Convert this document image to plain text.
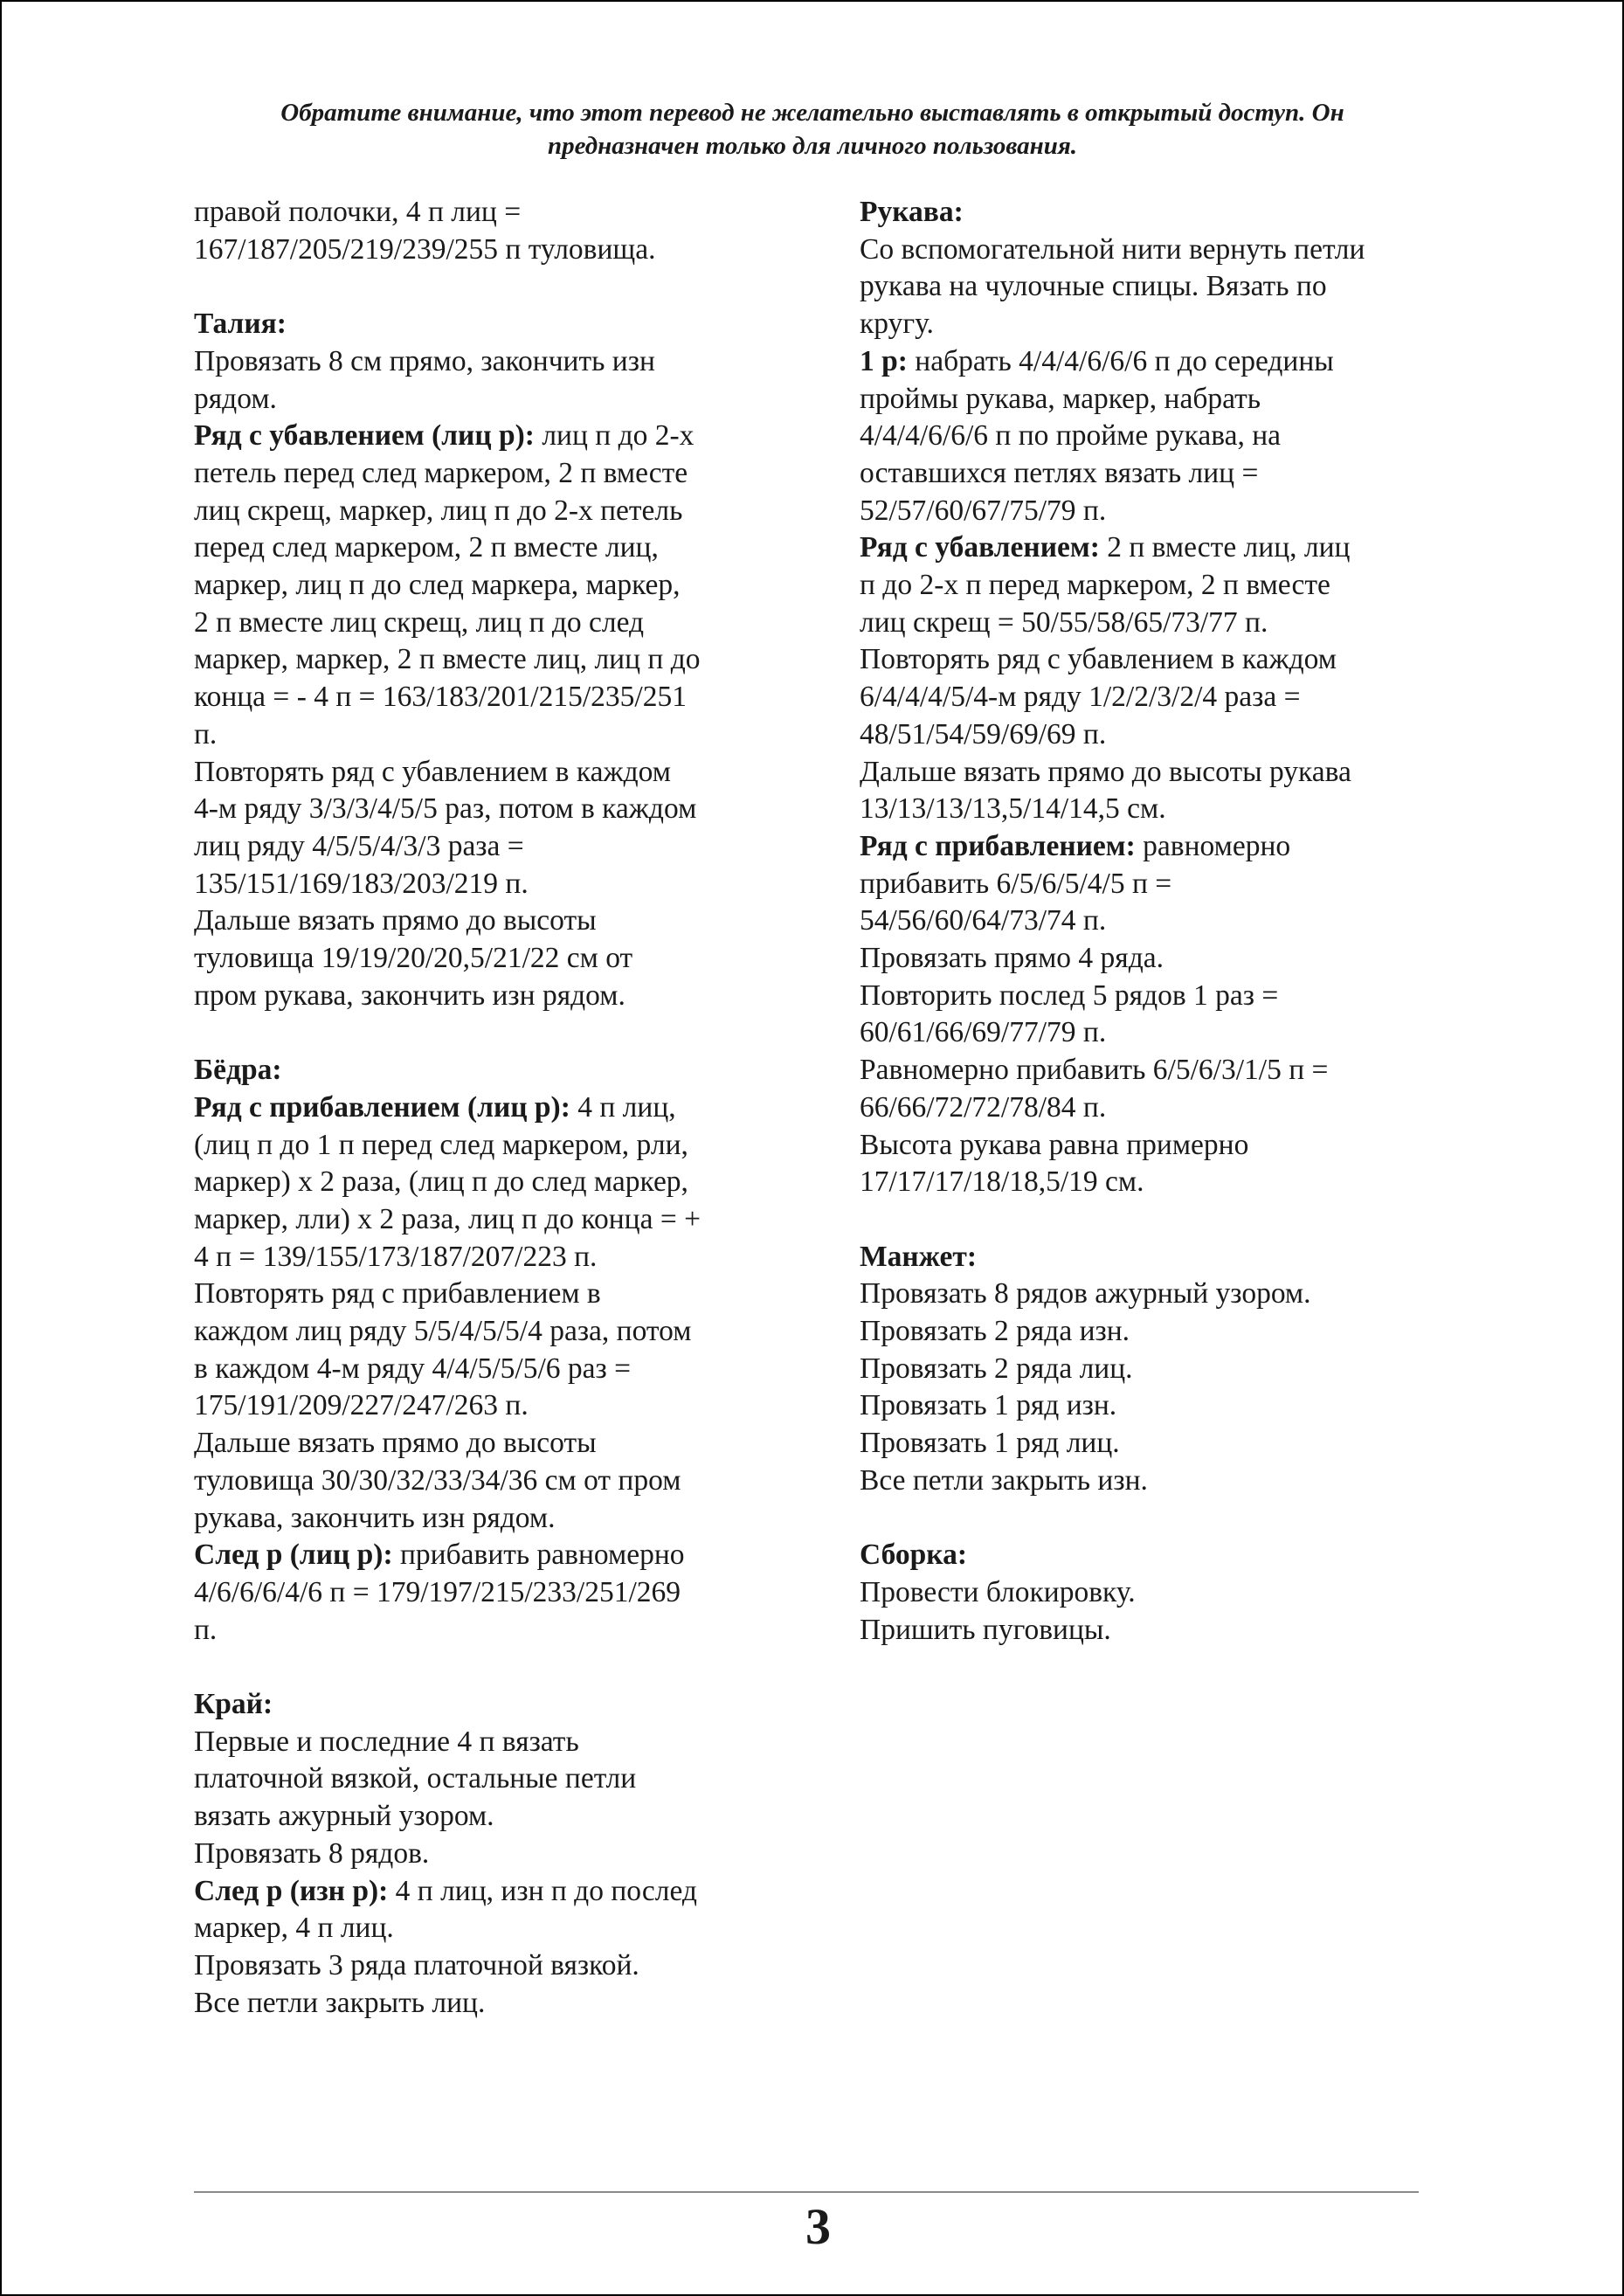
Обратите внимание, что этот перевод не желательно выставлять в открытый доступ. Он
предназначен только для личного пользования.
правой полочки, 4 п лиц =
167/187/205/219/239/255 п туловища.
Талия:
Провязать 8 см прямо, закончить изн
рядом.
Ряд с убавлением (лиц р): лиц п до 2-х
петель перед след маркером, 2 п вместе
лиц скрещ, маркер, лиц п до 2-х петель
перед след маркером, 2 п вместе лиц,
маркер, лиц п до след маркера, маркер,
2 п вместе лиц скрещ, лиц п до след
маркер, маркер, 2 п вместе лиц, лиц п до
конца = - 4 п = 163/183/201/215/235/251
п.
Повторять ряд с убавлением в каждом
4-м ряду 3/3/3/4/5/5 раз, потом в каждом
лиц ряду 4/5/5/4/3/3 раза =
135/151/169/183/203/219 п.
Дальше вязать прямо до высоты
туловища 19/19/20/20,5/21/22 см от
пром рукава, закончить изн рядом.
Бёдра:
Ряд с прибавлением (лиц р): 4 п лиц,
(лиц п до 1 п перед след маркером, рли,
маркер) х 2 раза, (лиц п до след маркер,
маркер, лли) х 2 раза, лиц п до конца = +
4 п = 139/155/173/187/207/223 п.
Повторять ряд с прибавлением в
каждом лиц ряду 5/5/4/5/5/4 раза, потом
в каждом 4-м ряду 4/4/5/5/5/6 раз =
175/191/209/227/247/263 п.
Дальше вязать прямо до высоты
туловища 30/30/32/33/34/36 см от пром
рукава, закончить изн рядом.
След р (лиц р): прибавить равномерно
4/6/6/6/4/6 п = 179/197/215/233/251/269
п.
Край:
Первые и последние 4 п вязать
платочной вязкой, остальные петли
вязать ажурный узором.
Провязать 8 рядов.
След р (изн р): 4 п лиц, изн п до послед
маркер, 4 п лиц.
Провязать 3 ряда платочной вязкой.
Все петли закрыть лиц.
Рукава:
Со вспомогательной нити вернуть петли
рукава на чулочные спицы. Вязать по
кругу.
1 р: набрать 4/4/4/6/6/6 п до середины
проймы рукава, маркер, набрать
4/4/4/6/6/6 п по пройме рукава, на
оставшихся петлях вязать лиц =
52/57/60/67/75/79 п.
Ряд с убавлением: 2 п вместе лиц, лиц
п до 2-х п перед маркером, 2 п вместе
лиц скрещ = 50/55/58/65/73/77 п.
Повторять ряд с убавлением в каждом
6/4/4/4/5/4-м ряду 1/2/2/3/2/4 раза =
48/51/54/59/69/69 п.
Дальше вязать прямо до высоты рукава
13/13/13/13,5/14/14,5 см.
Ряд с прибавлением: равномерно
прибавить 6/5/6/5/4/5 п =
54/56/60/64/73/74 п.
Провязать прямо 4 ряда.
Повторить послед 5 рядов 1 раз =
60/61/66/69/77/79 п.
Равномерно прибавить 6/5/6/3/1/5 п =
66/66/72/72/78/84 п.
Высота рукава равна примерно
17/17/17/18/18,5/19 см.
Манжет:
Провязать 8 рядов ажурный узором.
Провязать 2 ряда изн.
Провязать 2 ряда лиц.
Провязать 1 ряд изн.
Провязать 1 ряд лиц.
Все петли закрыть изн.
Сборка:
Провести блокировку.
Пришить пуговицы.
3
